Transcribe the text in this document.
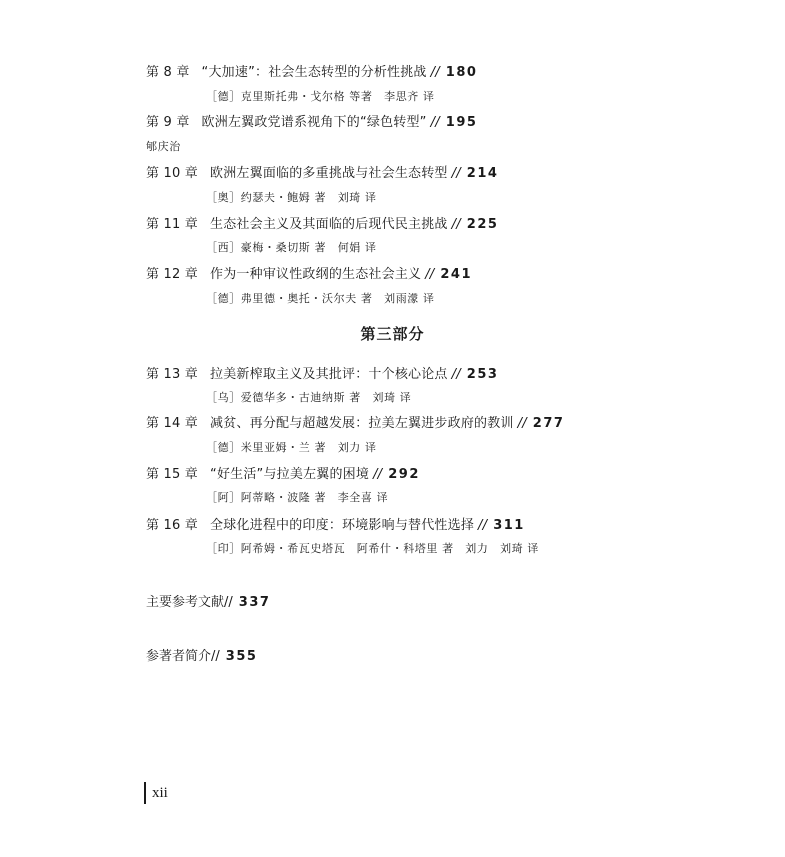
第 8 章 “大加速”：社会生态转型的分析性挑战 // 180
［德］克里斯托弗・戈尔格 等著　李思齐 译
第 9 章 欧洲左翼政党谱系视角下的“绿色转型” // 195
郇庆治
第 10 章 欧洲左翼面临的多重挑战与社会生态转型 // 214
［奥］约瑟夫・鲍姆 著　刘琦 译
第 11 章 生态社会主义及其面临的后现代民主挑战 // 225
［西］豪梅・桑切斯 著　何娟 译
第 12 章 作为一种审议性政纲的生态社会主义 // 241
［德］弗里德・奥托・沃尔夫 著　刘雨濛 译
第三部分
第 13 章 拉美新榨取主义及其批评：十个核心论点 // 253
［乌］爱德华多・古迪纳斯 著　刘琦 译
第 14 章 减贫、再分配与超越发展：拉美左翼进步政府的教训 // 277
［德］米里亚姆・兰 著　刘力 译
第 15 章 “好生活”与拉美左翼的困境 // 292
［阿］阿蒂略・波隆 著　李全喜 译
第 16 章 全球化进程中的印度：环境影响与替代性选择 // 311
［印］阿希姆・希瓦史塔瓦　阿希什・科塔里 著　刘力　刘琦 译
主要参考文献// 337
参著者简介// 355
xii
